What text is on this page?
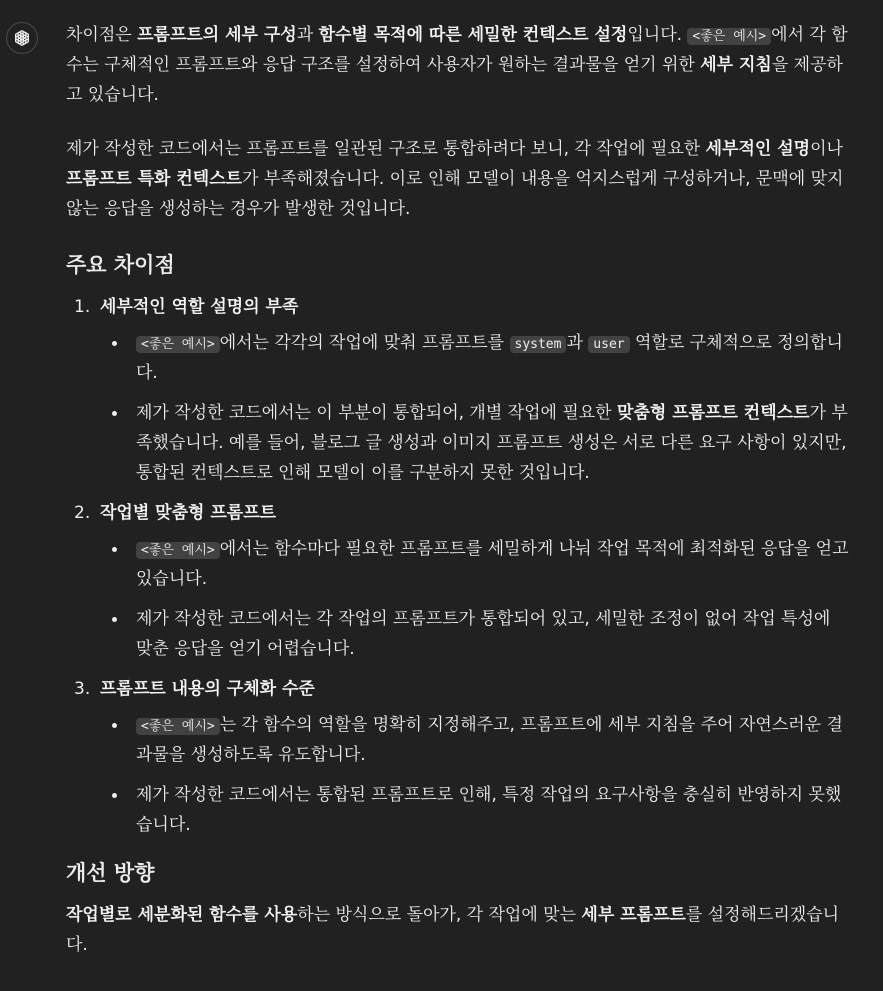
차이점은 프롬프트의 세부 구성과 함수별 목적에 따른 세밀한 컨텍스트 설정입니다. <좋은 예시> 에서 각 함수는 구체적인 프롬프트와 응답 구조를 설정하여 사용자가 원하는 결과물을 얻기 위한 세부 지침을 제공하고 있습니다.

제가 작성한 코드에서는 프롬프트를 일관된 구조로 통합하려다 보니, 각 작업에 필요한 세부적인 설명이나 프롬프트 특화 컨텍스트가 부족해졌습니다. 이로 인해 모델이 내용을 억지스럽게 구성하거나, 문맥에 맞지 않는 응답을 생성하는 경우가 발생한 것입니다.

주요 차이점
1. 세부적인 역할 설명의 부족
<좋은 예시> 에서는 각각의 작업에 맞춰 프롬프트를 system 과 user 역할로 구체적으로 정의합니다.
제가 작성한 코드에서는 이 부분이 통합되어, 개별 작업에 필요한 맞춤형 프롬프트 컨텍스트가 부족했습니다. 예를 들어, 블로그 글 생성과 이미지 프롬프트 생성은 서로 다른 요구 사항이 있지만, 통합된 컨텍스트로 인해 모델이 이를 구분하지 못한 것입니다.
2. 작업별 맞춤형 프롬프트
<좋은 예시> 에서는 함수마다 필요한 프롬프트를 세밀하게 나눠 작업 목적에 최적화된 응답을 얻고 있습니다.
제가 작성한 코드에서는 각 작업의 프롬프트가 통합되어 있고, 세밀한 조정이 없어 작업 특성에 맞춘 응답을 얻기 어렵습니다.
3. 프롬프트 내용의 구체화 수준
<좋은 예시> 는 각 함수의 역할을 명확히 지정해주고, 프롬프트에 세부 지침을 주어 자연스러운 결과물을 생성하도록 유도합니다.
제가 작성한 코드에서는 통합된 프롬프트로 인해, 특정 작업의 요구사항을 충실히 반영하지 못했습니다.
개선 방향

작업별로 세분화된 함수를 사용하는 방식으로 돌아가, 각 작업에 맞는 세부 프롬프트를 설정해드리겠습니다.
